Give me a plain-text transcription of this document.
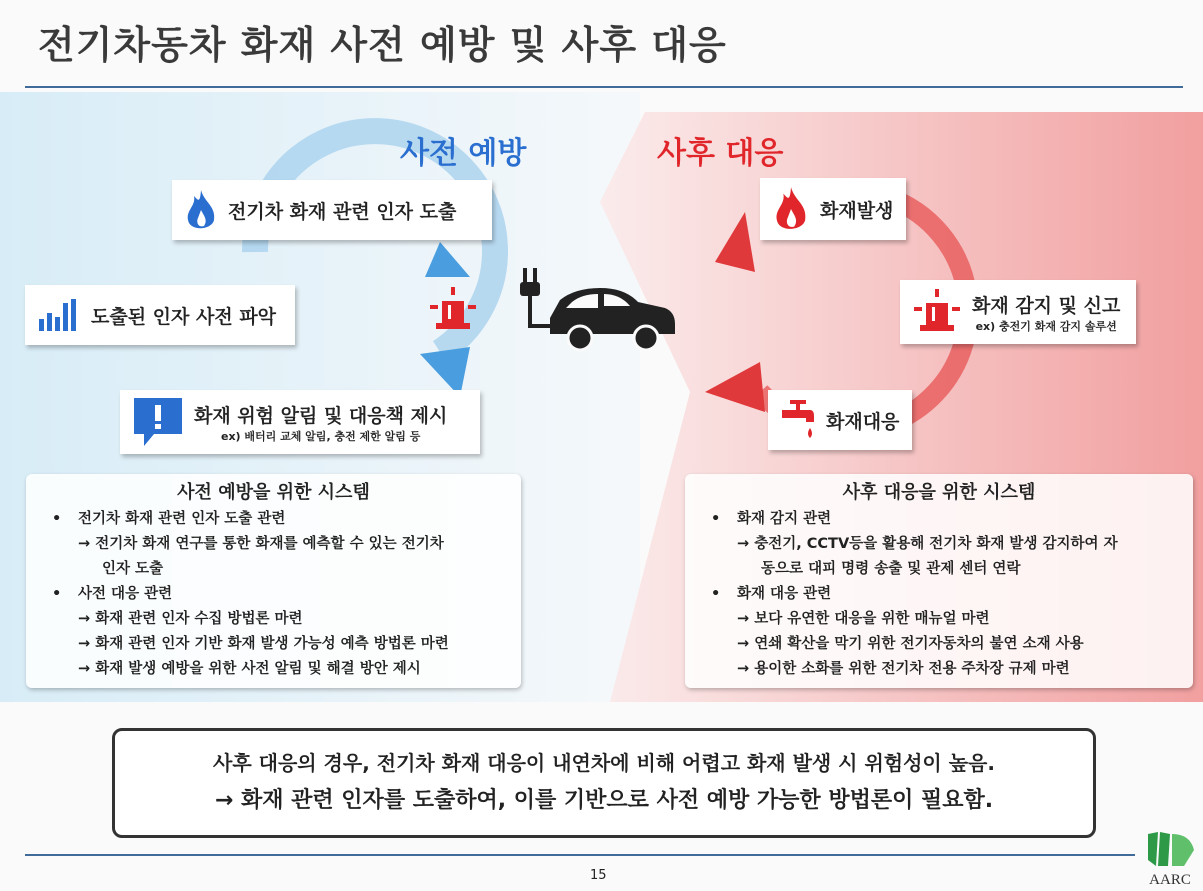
전기차동차 화재 사전 예방 및 사후 대응
사전 예방	사후 대응
전기차 화재 관련 인자 도출
도출된 인자 사전 파악
화재 위험 알림 및 대응책 제시
ex) 배터리 교체 알림, 충전 제한 알림 등
화재발생
화재 감지 및 신고
ex) 충전기 화재 감지 솔루션
화재대응
사전 예방을 위한 시스템
• 전기차 화재 관련 인자 도출 관련
→ 전기차 화재 연구를 통한 화재를 예측할 수 있는 전기차
인자 도출
• 사전 대응 관련
→ 화재 관련 인자 수집 방법론 마련
→ 화재 관련 인자 기반 화재 발생 가능성 예측 방법론 마련
→ 화재 발생 예방을 위한 사전 알림 및 해결 방안 제시
사후 대응을 위한 시스템
• 화재 감지 관련
→ 충전기, CCTV등을 활용해 전기차 화재 발생 감지하여 자
동으로 대피 명령 송출 및 관제 센터 연락
• 화재 대응 관련
→ 보다 유연한 대응을 위한 매뉴얼 마련
→ 연쇄 확산을 막기 위한 전기자동차의 불연 소재 사용
→ 용이한 소화를 위한 전기차 전용 주차장 규제 마련
사후 대응의 경우, 전기차 화재 대응이 내연차에 비해 어렵고 화재 발생 시 위험성이 높음.
→ 화재 관련 인자를 도출하여, 이를 기반으로 사전 예방 가능한 방법론이 필요함.
15	AARC
